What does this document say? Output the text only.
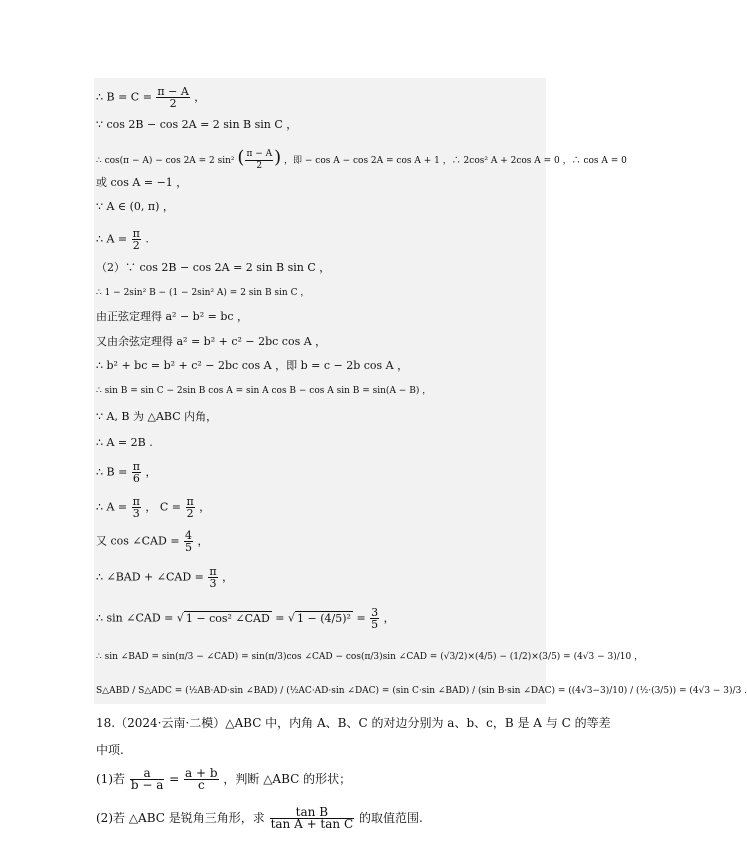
∴ $B = C = \frac{\pi - A}{2}$ ，
∵ cos 2B − cos 2A = 2 sin B sin C ，
∴ cos(π − A) − cos 2A = 2 sin² ( $\frac{\pi - A}{2}$ ) ，即 − cos A − cos 2A = cos A + 1 ，∴ 2cos² A + 2cos A = 0 ，∴ cos A = 0
或 cos A = −1 ，
∵ A ∈ (0, π) ，
∴ $A = \frac{\pi}{2}$ .
（2）∵ cos 2B − cos 2A = 2 sin B sin C ，
∴ 1 − 2sin² B − (1 − 2sin² A) = 2 sin B sin C ，
由正弦定理得 a² − b² = bc ，
又由余弦定理得 a² = b² + c² − 2bc cos A ，
∴ b² + bc = b² + c² − 2bc cos A ，即 b = c − 2b cos A ，
∴ sin B = sin C − 2sin B cos A = sin A cos B − cos A sin B = sin(A − B) ，
∵ A, B 为 △ABC 内角，
∴ A = 2B .
∴ $B = \frac{\pi}{6}$ ，
∴ $A = \frac{\pi}{3}$ ， $C = \frac{\pi}{2}$ ，
又 cos ∠CAD = $\frac{4}{5}$ ，
∴ ∠BAD + ∠CAD = $\frac{\pi}{3}$ ，
∴ sin ∠CAD = √ 1 − cos² ∠CAD = √ $1 - (4/5)^2 = \frac{3}{5}$ ，
∴ sin ∠BAD = sin(π/3 − ∠CAD) = sin(π/3)cos ∠CAD − cos(π/3)sin ∠CAD = (√3/2)×(4/5) − (1/2)×(3/5) = (4√3 − 3)/10 ，
S△ABD / S△ADC = (½AB·AD·sin ∠BAD) / (½AC·AD·sin ∠DAC) = (sin C·sin ∠BAD) / (sin B·sin ∠DAC) = ((4√3−3)/10) / (½·(3/5)) = (4√3 − 3)/3 .
18.（2024·云南·二模）△ABC 中，内角 A、B、C 的对边分别为 a、b、c，B 是 A 与 C 的等差
中项.
(1)若 $\frac{a}{b - a} = \frac{a + b}{c}$ ，判断 △ABC 的形状；
(2)若 △ABC 是锐角三角形，求 $\frac{\text{tan B}}{\text{tan A + tan C}}$ 的取值范围.
